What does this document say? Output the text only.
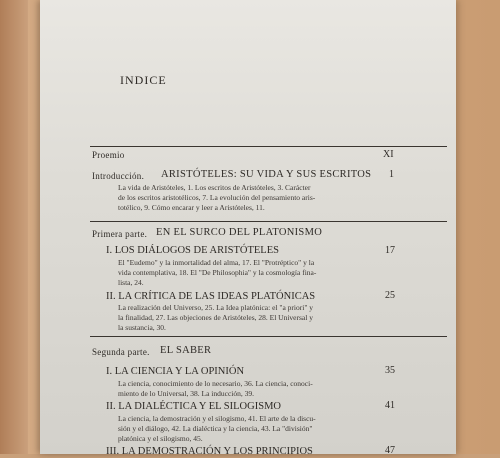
INDICE
Proemio	XI
Introducción. ARISTÓTELES: SU VIDA Y SUS ESCRITOS 1
La vida de Aristóteles, 1. Los escritos de Aristóteles, 3. Carácter
de los escritos aristotélicos, 7. La evolución del pensamiento aris-
totélico, 9. Cómo encarar y leer a Aristóteles, 11.
Primera parte. EN EL SURCO DEL PLATONISMO
I. LOS DIÁLOGOS DE ARISTÓTELES	17
El "Eudemo" y la inmortalidad del alma, 17. El "Protréptico" y la
vida contemplativa, 18. El "De Philosophia" y la cosmología fina-
lista, 24.
II. LA CRÍTICA DE LAS IDEAS PLATÓNICAS	25
La realización del Universo, 25. La Idea platónica: el "a priori" y
la finalidad, 27. Las objeciones de Aristóteles, 28. El Universal y
la sustancia, 30.
Segunda parte. EL SABER
I. LA CIENCIA Y LA OPINIÓN	35
La ciencia, conocimiento de lo necesario, 36. La ciencia, conoci-
miento de lo Universal, 38. La inducción, 39.
II. LA DIALÉCTICA Y EL SILOGISMO	41
La ciencia, la demostración y el silogismo, 41. El arte de la discu-
sión y el diálogo, 42. La dialéctica y la ciencia, 43. La "división"
platónica y el silogismo, 45.
III. LA DEMOSTRACIÓN Y LOS PRINCIPIOS	47
